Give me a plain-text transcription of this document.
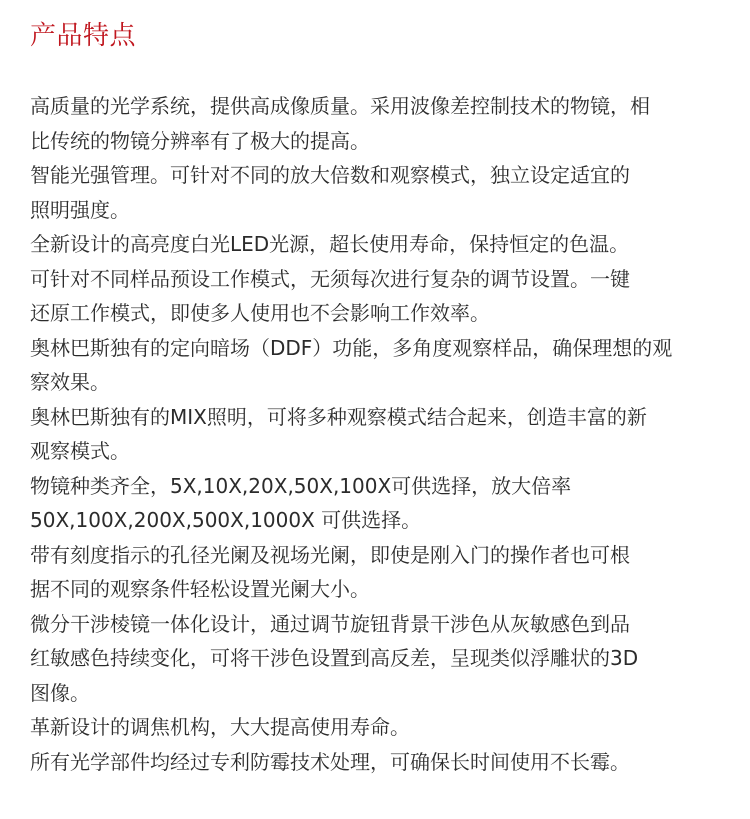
产品特点
高质量的光学系统，提供高成像质量。采用波像差控制技术的物镜，相
比传统的物镜分辨率有了极大的提高。
智能光强管理。可针对不同的放大倍数和观察模式，独立设定适宜的
照明强度。
全新设计的高亮度白光LED光源，超长使用寿命，保持恒定的色温。
可针对不同样品预设工作模式，无须每次进行复杂的调节设置。一键
还原工作模式，即使多人使用也不会影响工作效率。
奥林巴斯独有的定向暗场（DDF）功能，多角度观察样品，确保理想的观
察效果。
奥林巴斯独有的MIX照明，可将多种观察模式结合起来，创造丰富的新
观察模式。
物镜种类齐全，5X,10X,20X,50X,100X可供选择，放大倍率
50X,100X,200X,500X,1000X 可供选择。
带有刻度指示的孔径光阑及视场光阑，即使是刚入门的操作者也可根
据不同的观察条件轻松设置光阑大小。
微分干涉棱镜一体化设计，通过调节旋钮背景干涉色从灰敏感色到品
红敏感色持续变化，可将干涉色设置到高反差，呈现类似浮雕状的3D
图像。
革新设计的调焦机构，大大提高使用寿命。
所有光学部件均经过专利防霉技术处理，可确保长时间使用不长霉。
